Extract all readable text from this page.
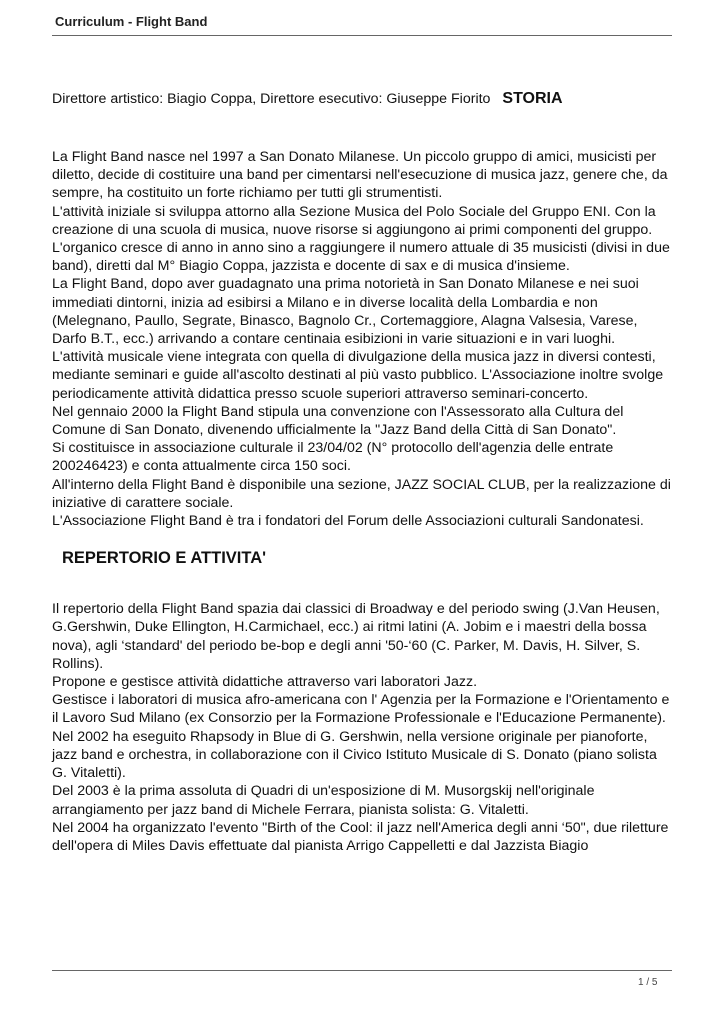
Curriculum - Flight Band
Direttore artistico: Biagio Coppa, Direttore esecutivo: Giuseppe Fiorito STORIA

La Flight Band nasce nel 1997 a San Donato Milanese. Un piccolo gruppo di amici, musicisti per diletto, decide di costituire una band per cimentarsi nell'esecuzione di musica jazz, genere che, da sempre, ha costituito un forte richiamo per tutti gli strumentisti.

L'attività iniziale si sviluppa attorno alla Sezione Musica del Polo Sociale del Gruppo ENI. Con la creazione di una scuola di musica, nuove risorse si aggiungono ai primi componenti del gruppo.

L'organico cresce di anno in anno sino a raggiungere il numero attuale di 35 musicisti (divisi in due band), diretti dal M° Biagio Coppa, jazzista e docente di sax e di musica d'insieme.

La Flight Band, dopo aver guadagnato una prima notorietà in San Donato Milanese e nei suoi immediati dintorni, inizia ad esibirsi a Milano e in diverse località della Lombardia e non (Melegnano, Paullo, Segrate, Binasco, Bagnolo Cr., Cortemaggiore, Alagna Valsesia, Varese, Darfo B.T., ecc.) arrivando a contare centinaia esibizioni in varie situazioni e in vari luoghi.

L'attività musicale viene integrata con quella di divulgazione della musica jazz in diversi contesti, mediante seminari e guide all'ascolto destinati al più vasto pubblico. L'Associazione inoltre svolge periodicamente attività didattica presso scuole superiori attraverso seminari-concerto.

Nel gennaio 2000 la Flight Band stipula una convenzione con l'Assessorato alla Cultura del Comune di San Donato, divenendo ufficialmente la "Jazz Band della Città di San Donato".

Si costituisce in associazione culturale il 23/04/02 (N° protocollo dell'agenzia delle entrate 200246423) e conta attualmente circa 150 soci.

All'interno della Flight Band è disponibile una sezione, JAZZ SOCIAL CLUB, per la realizzazione di iniziative di carattere sociale.

L'Associazione Flight Band è tra i fondatori del Forum delle Associazioni culturali Sandonatesi.

REPERTORIO E ATTIVITA'

Il repertorio della Flight Band spazia dai classici di Broadway e del periodo swing (J.Van Heusen, G.Gershwin, Duke Ellington, H.Carmichael, ecc.) ai ritmi latini (A. Jobim e i maestri della bossa nova), agli ‘standard' del periodo be-bop e degli anni '50-‘60 (C. Parker, M. Davis, H. Silver, S. Rollins).

Propone e gestisce attività didattiche attraverso vari laboratori Jazz.

Gestisce i laboratori di musica afro-americana con l' Agenzia per la Formazione e l'Orientamento e il Lavoro Sud Milano (ex Consorzio per la Formazione Professionale e l'Educazione Permanente).

Nel 2002 ha eseguito Rhapsody in Blue di G. Gershwin, nella versione originale per pianoforte, jazz band e orchestra, in collaborazione con il Civico Istituto Musicale di S. Donato (piano solista G. Vitaletti).

Del 2003 è la prima assoluta di Quadri di un'esposizione di M. Musorgskij nell'originale arrangiamento per jazz band di Michele Ferrara, pianista solista: G. Vitaletti.

Nel 2004 ha organizzato l'evento "Birth of the Cool: il jazz nell'America degli anni ‘50", due riletture dell'opera di Miles Davis effettuate dal pianista Arrigo Cappelletti e dal Jazzista Biagio

1 / 5
